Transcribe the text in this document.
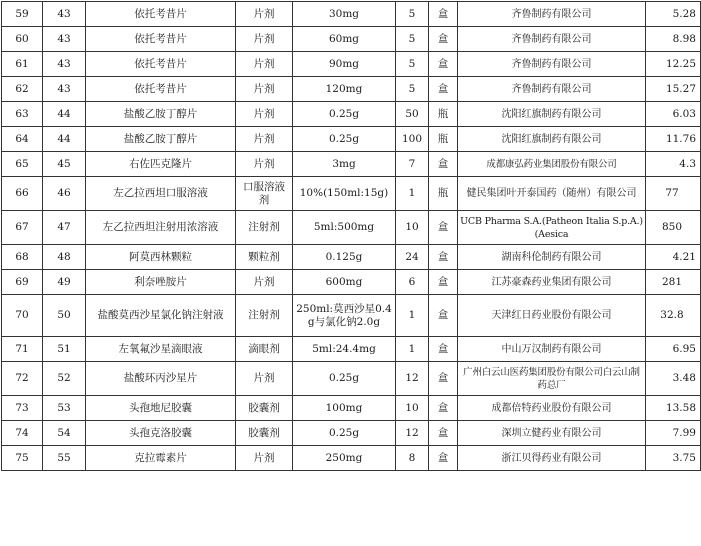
59	43	依托考昔片	片剂	30mg	5	盒	齐鲁制药有限公司	5.28
60	43	依托考昔片	片剂	60mg	5	盒	齐鲁制药有限公司	8.98
61	43	依托考昔片	片剂	90mg	5	盒	齐鲁制药有限公司	12.25
62	43	依托考昔片	片剂	120mg	5	盒	齐鲁制药有限公司	15.27
63	44	盐酸乙胺丁醇片	片剂	0.25g	50	瓶	沈阳红旗制药有限公司	6.03
64	44	盐酸乙胺丁醇片	片剂	0.25g	100	瓶	沈阳红旗制药有限公司	11.76
65	45	右佐匹克隆片	片剂	3mg	7	盒	成都康弘药业集团股份有限公司	4.3
66	46	左乙拉西坦口服溶液	口服溶液剂	10%(150ml:15g)	1	瓶	健民集团叶开泰国药（随州）有限公司	77
67	47	左乙拉西坦注射用浓溶液	注射剂	5ml:500mg	10	盒	UCB Pharma S.A.(Patheon Italia S.p.A.)(Aesica	850
68	48	阿莫西林颗粒	颗粒剂	0.125g	24	盒	湖南科伦制药有限公司	4.21
69	49	利奈唑胺片	片剂	600mg	6	盒	江苏豪森药业集团有限公司	281
70	50	盐酸莫西沙星氯化钠注射液	注射剂	250ml:莫西沙星0.4g与氯化钠2.0g	1	盒	天津红日药业股份有限公司	32.8
71	51	左氧氟沙星滴眼液	滴眼剂	5ml:24.4mg	1	盒	中山万汉制药有限公司	6.95
72	52	盐酸环丙沙星片	片剂	0.25g	12	盒	广州白云山医药集团股份有限公司白云山制药总厂	3.48
73	53	头孢地尼胶囊	胶囊剂	100mg	10	盒	成都倍特药业股份有限公司	13.58
74	54	头孢克洛胶囊	胶囊剂	0.25g	12	盒	深圳立健药业有限公司	7.99
75	55	克拉霉素片	片剂	250mg	8	盒	浙江贝得药业有限公司	3.75
